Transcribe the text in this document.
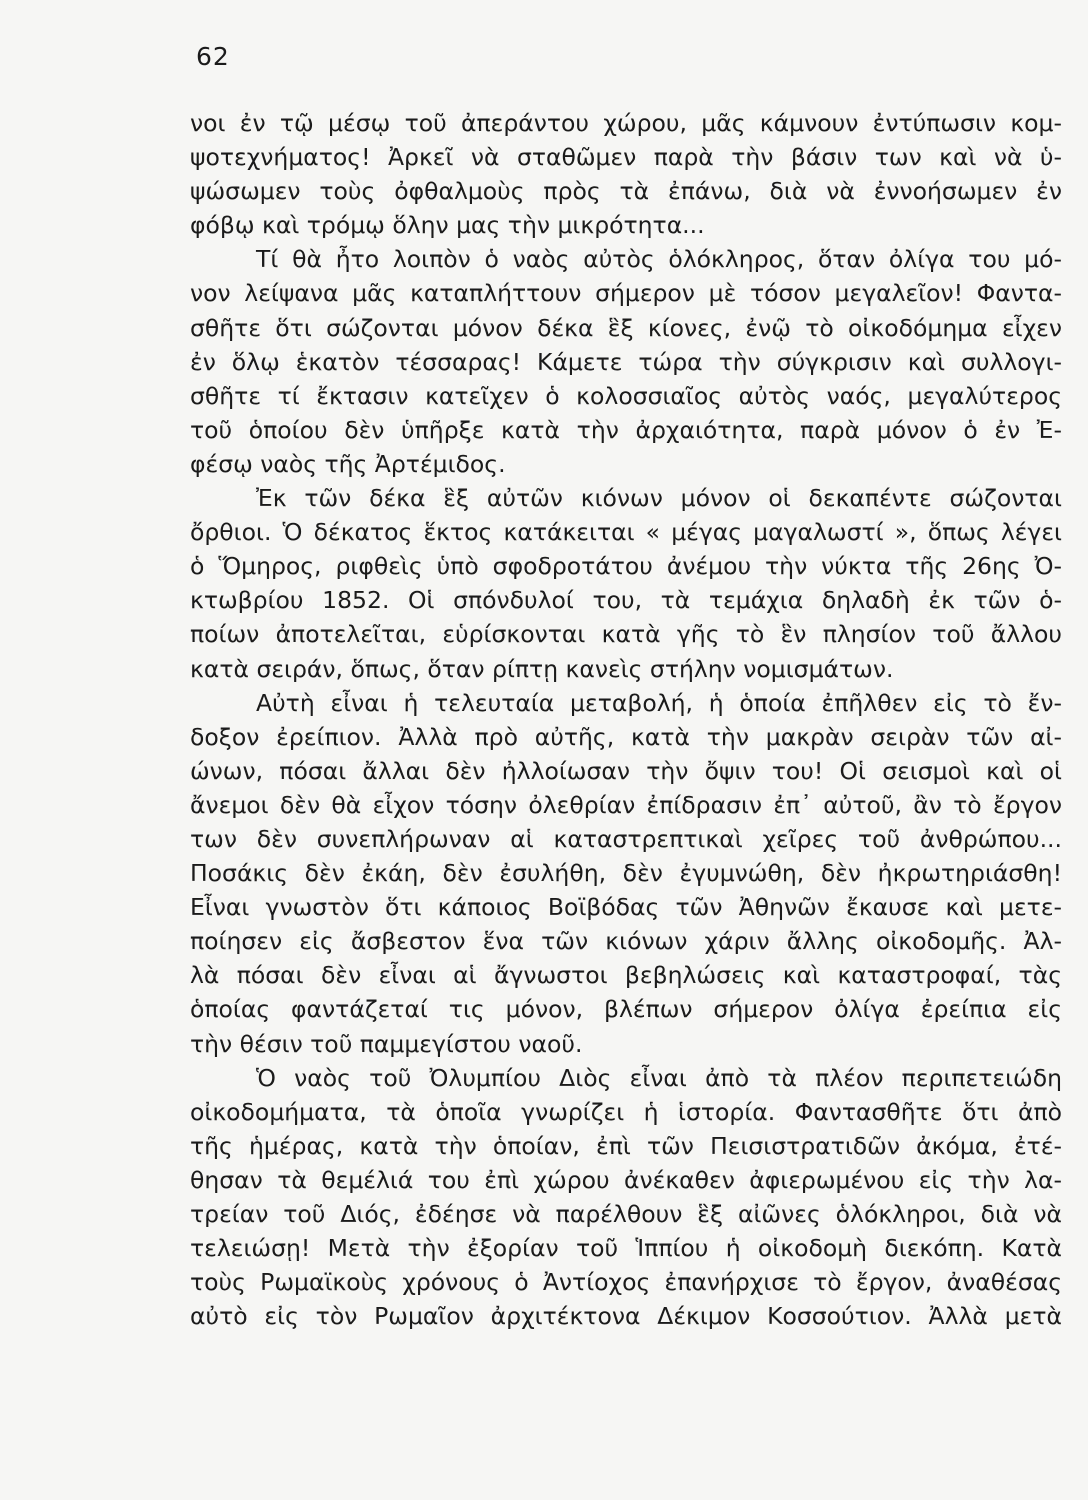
62
νοι ἐν τῷ μέσῳ τοῦ ἀπεράντου χώρου, μᾶς κάμνουν ἐντύπωσιν κομ-
ψοτεχνήματος! Ἀρκεῖ νὰ σταθῶμεν παρὰ τὴν βάσιν των καὶ νὰ ὑ-
ψώσωμεν τοὺς ὀφθαλμοὺς πρὸς τὰ ἐπάνω, διὰ νὰ ἐννοήσωμεν ἐν
φόβῳ καὶ τρόμῳ ὅλην μας τὴν μικρότητα...
Τί θὰ ἦτο λοιπὸν ὁ ναὸς αὐτὸς ὁλόκληρος, ὅταν ὀλίγα του μό-
νον λείψανα μᾶς καταπλήττουν σήμερον μὲ τόσον μεγαλεῖον! Φαντα-
σθῆτε ὅτι σώζονται μόνον δέκα ἓξ κίονες, ἐνῷ τὸ οἰκοδόμημα εἶχεν
ἐν ὅλῳ ἑκατὸν τέσσαρας! Κάμετε τώρα τὴν σύγκρισιν καὶ συλλογι-
σθῆτε τί ἔκτασιν κατεῖχεν ὁ κολοσσιαῖος αὐτὸς ναός, μεγαλύτερος
τοῦ ὁποίου δὲν ὑπῆρξε κατὰ τὴν ἀρχαιότητα, παρὰ μόνον ὁ ἐν Ἐ-
φέσῳ ναὸς τῆς Ἀρτέμιδος.
Ἐκ τῶν δέκα ἓξ αὐτῶν κιόνων μόνον οἱ δεκαπέντε σώζονται
ὄρθιοι. Ὁ δέκατος ἕκτος κατάκειται « μέγας μαγαλωστί », ὅπως λέγει
ὁ Ὅμηρος, ριφθεὶς ὑπὸ σφοδροτάτου ἀνέμου τὴν νύκτα τῆς 26ης Ὀ-
κτωβρίου 1852. Οἱ σπόνδυλοί του, τὰ τεμάχια δηλαδὴ ἐκ τῶν ὁ-
ποίων ἀποτελεῖται, εὑρίσκονται κατὰ γῆς τὸ ἓν πλησίον τοῦ ἄλλου
κατὰ σειράν, ὅπως, ὅταν ρίπτῃ κανεὶς στήλην νομισμάτων.
Αὐτὴ εἶναι ἡ τελευταία μεταβολή, ἡ ὁποία ἐπῆλθεν εἰς τὸ ἔν-
δοξον ἐρείπιον. Ἀλλὰ πρὸ αὐτῆς, κατὰ τὴν μακρὰν σειρὰν τῶν αἰ-
ώνων, πόσαι ἄλλαι δὲν ἠλλοίωσαν τὴν ὄψιν του! Οἱ σεισμοὶ καὶ οἱ
ἄνεμοι δὲν θὰ εἶχον τόσην ὀλεθρίαν ἐπίδρασιν ἐπ᾿ αὐτοῦ, ἂν τὸ ἔργον
των δὲν συνεπλήρωναν αἱ καταστρεπτικαὶ χεῖρες τοῦ ἀνθρώπου...
Ποσάκις δὲν ἐκάη, δὲν ἐσυλήθη, δὲν ἐγυμνώθη, δὲν ἠκρωτηριάσθη!
Εἶναι γνωστὸν ὅτι κάποιος Βοϊβόδας τῶν Ἀθηνῶν ἔκαυσε καὶ μετε-
ποίησεν εἰς ἄσβεστον ἕνα τῶν κιόνων χάριν ἄλλης οἰκοδομῆς. Ἀλ-
λὰ πόσαι δὲν εἶναι αἱ ἄγνωστοι βεβηλώσεις καὶ καταστροφαί, τὰς
ὁποίας φαντάζεταί τις μόνον, βλέπων σήμερον ὀλίγα ἐρείπια εἰς
τὴν θέσιν τοῦ παμμεγίστου ναοῦ.
Ὁ ναὸς τοῦ Ὀλυμπίου Διὸς εἶναι ἀπὸ τὰ πλέον περιπετειώδη
οἰκοδομήματα, τὰ ὁποῖα γνωρίζει ἡ ἱστορία. Φαντασθῆτε ὅτι ἀπὸ
τῆς ἡμέρας, κατὰ τὴν ὁποίαν, ἐπὶ τῶν Πεισιστρατιδῶν ἀκόμα, ἐτέ-
θησαν τὰ θεμέλιά του ἐπὶ χώρου ἀνέκαθεν ἀφιερωμένου εἰς τὴν λα-
τρείαν τοῦ Διός, ἐδέησε νὰ παρέλθουν ἓξ αἰῶνες ὁλόκληροι, διὰ νὰ
τελειώσῃ! Μετὰ τὴν ἐξορίαν τοῦ Ἱππίου ἡ οἰκοδομὴ διεκόπη. Κατὰ
τοὺς Ρωμαϊκοὺς χρόνους ὁ Ἀντίοχος ἐπανήρχισε τὸ ἔργον, ἀναθέσας
αὐτὸ εἰς τὸν Ρωμαῖον ἀρχιτέκτονα Δέκιμον Κοσσούτιον. Ἀλλὰ μετὰ
